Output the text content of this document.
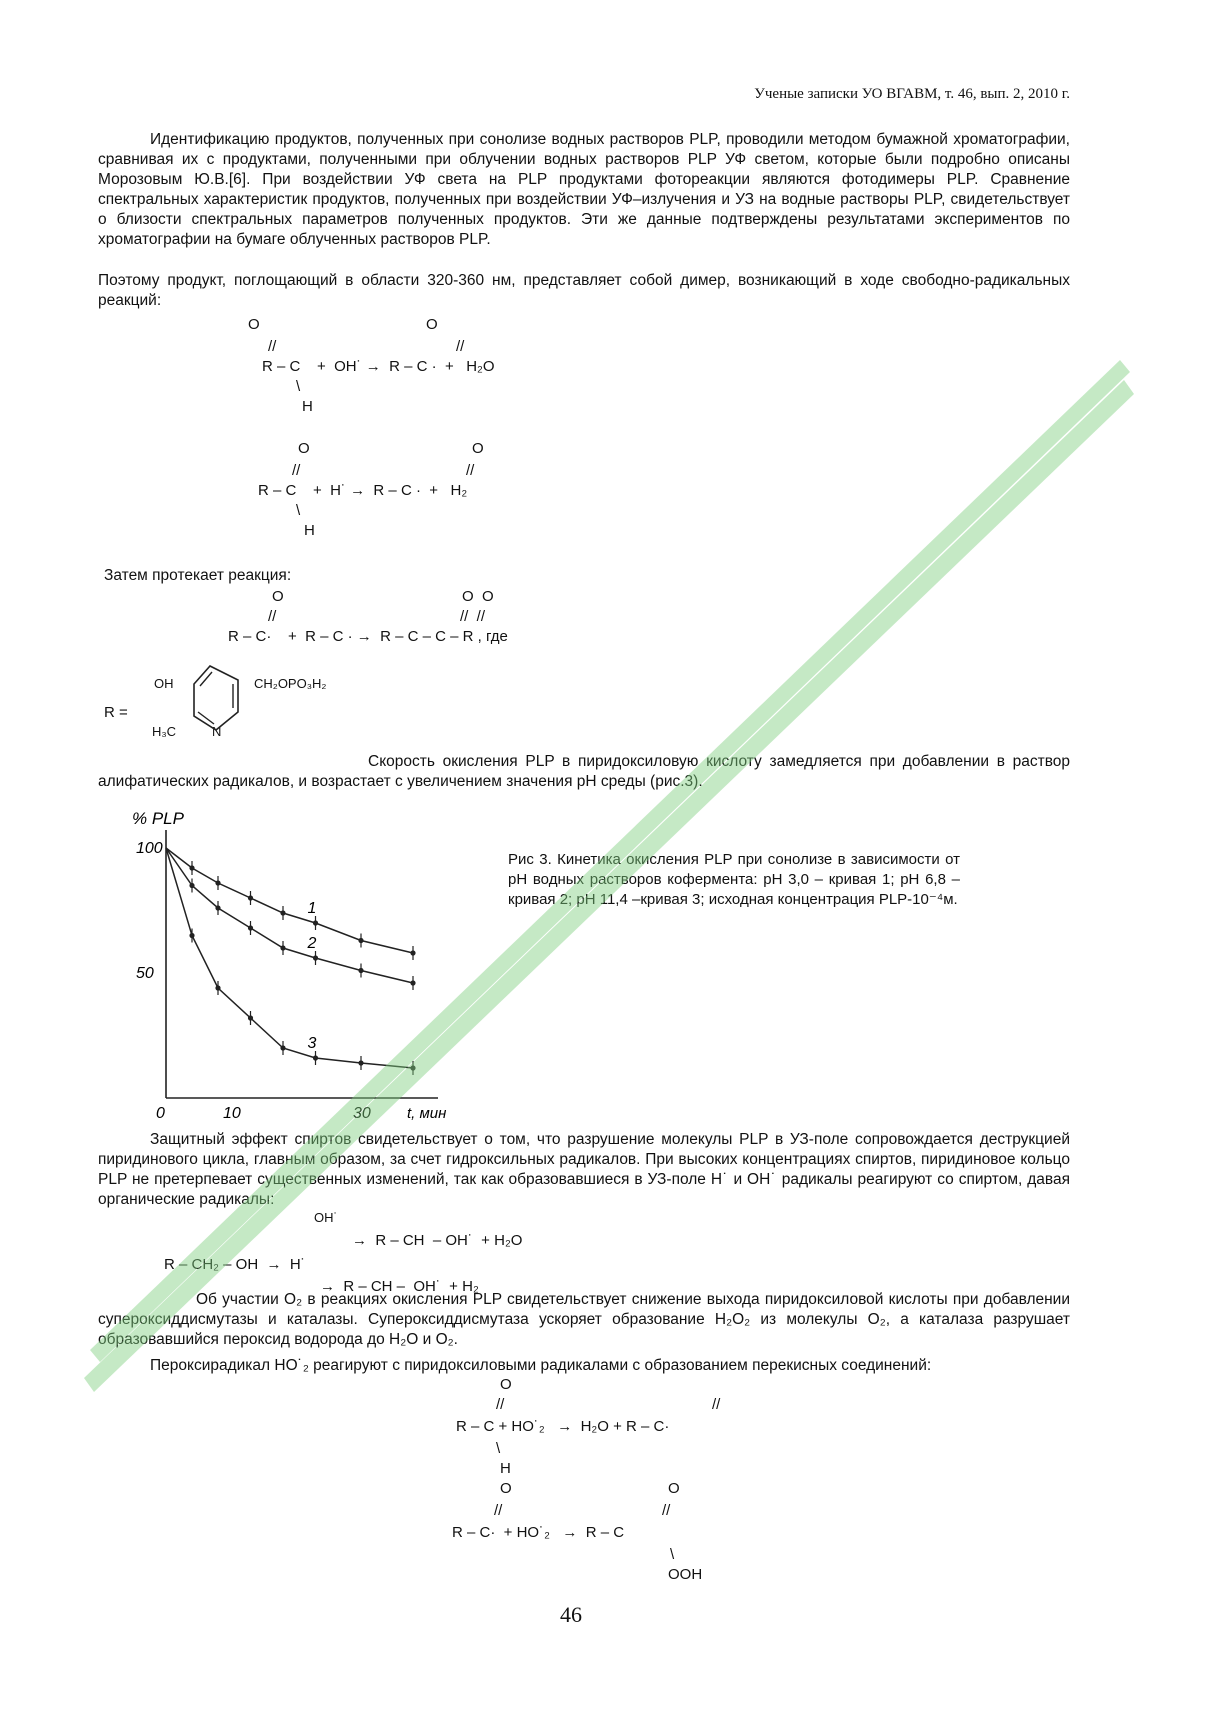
Ученые записки УО ВГАВМ, т. 46, вып. 2, 2010 г.
Идентификацию продуктов, полученных при сонолизе водных растворов PLP, проводили методом бумажной хроматографии, сравнивая их с продуктами, полученными при облучении водных растворов PLP УФ светом, которые были подробно описаны Морозовым Ю.В.[6]. При воздействии УФ света на PLP продуктами фотореакции являются фотодимеры PLP. Сравнение спектральных характеристик продуктов, полученных при воздействии УФ–излучения и УЗ на водные растворы PLP, свидетельствует о близости спектральных параметров полученных продуктов. Эти же данные подтверждены результатами экспериментов по хроматографии на бумаге облученных растворов PLP.
Поэтому продукт, поглощающий в области 320-360 нм, представляет собой димер, возникающий в ходе свободно-радикальных реакций:
O	O
//	//
R – C    +  OH˙ →  R – C ·  +   H₂O
\
H
O	O
//	//
R – C    +  H˙ →  R – C ·  +   H₂
\
H
Затем протекает реакция:
O	O  O
//	//  //
R – C·    +  R – C · →  R – C – C – R , где
R =
OH	CH₂OPO₃H₂
H₃C	N
Скорость окисления PLP в пиридоксиловую кислоту замедляется при добавлении в раствор алифатических радикалов, и возрастает с увеличением значения pH среды (рис.3).
% PLP
t, мин
0	10	30
100
50
1
2
3
Рис 3. Кинетика окисления PLP при сонолизе в зависимости от pH водных растворов кофермента: pH 3,0 – кривая 1; pH 6,8 – кривая 2; pH 11,4 –кривая 3; исходная концентрация PLP-10⁻⁴м.
Защитный эффект спиртов свидетельствует о том, что разрушение молекулы PLP в УЗ-поле сопровождается деструкцией пиридинового цикла, главным образом, за счет гидроксильных радикалов. При высоких концентрациях спиртов, пиридиновое кольцо PLP не претерпевает существенных изменений, так как образовавшиеся в УЗ-поле H˙ и OH˙ радикалы реагируют со спиртом, давая органические радикалы:
OH˙
→  R – CH  – OH˙  + H₂O
R – CH₂ – OH  →  H˙
→  R – CH –  OH˙  + H₂
Об участии O₂ в реакциях окисления PLP свидетельствует снижение выхода пиридоксиловой кислоты при добавлении супероксиддисмутазы и каталазы. Супероксиддисмутаза ускоряет образование H₂O₂ из молекулы O₂, а каталаза разрушает образовавшийся пероксид водорода до H₂O и O₂.
Пероксирадикал HO˙₂ реагируют с пиридоксиловыми радикалами с образованием перекисных соединений:
O
//	//
R – C + HO˙₂   →  H₂O + R – C·
\
H
O	O
//	//
R – C·  + HO˙₂   →  R – C
\
OOH
46
